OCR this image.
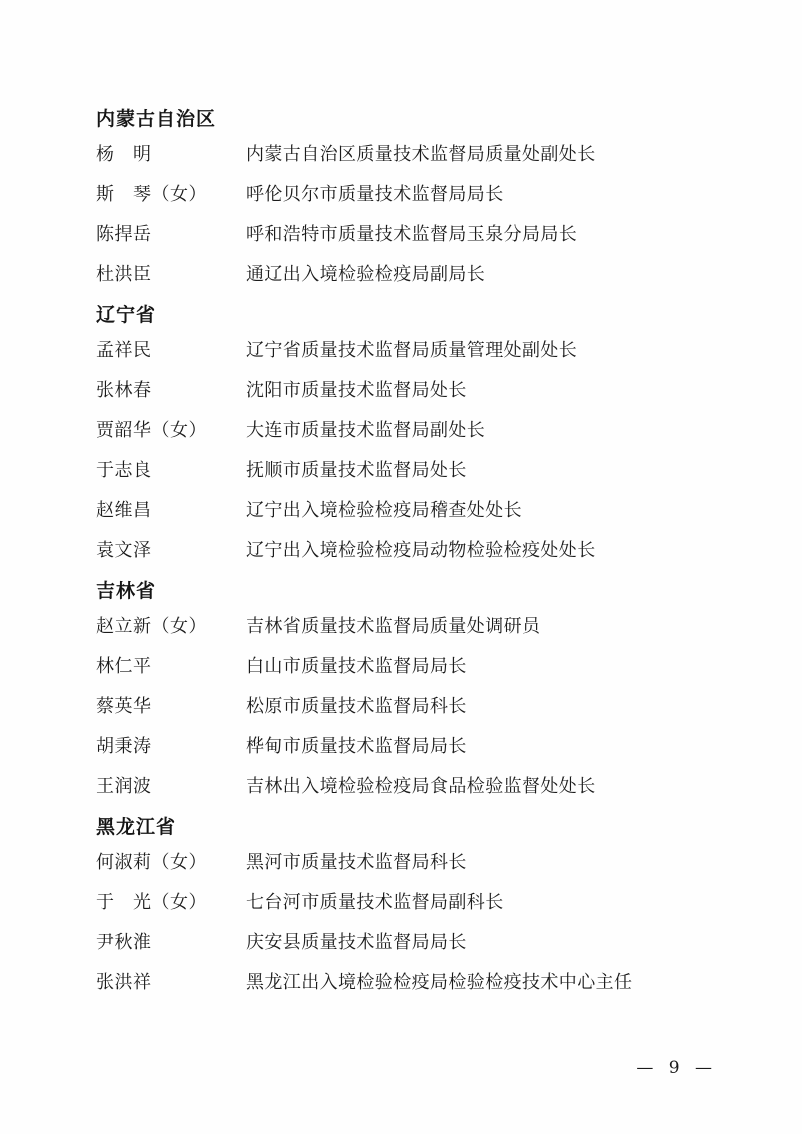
内蒙古自治区
杨　明	内蒙古自治区质量技术监督局质量处副处长
斯　琴（女）	呼伦贝尔市质量技术监督局局长
陈捍岳	呼和浩特市质量技术监督局玉泉分局局长
杜洪臣	通辽出入境检验检疫局副局长
辽宁省
孟祥民	辽宁省质量技术监督局质量管理处副处长
张林春	沈阳市质量技术监督局处长
贾韶华（女）	大连市质量技术监督局副处长
于志良	抚顺市质量技术监督局处长
赵维昌	辽宁出入境检验检疫局稽查处处长
袁文泽	辽宁出入境检验检疫局动物检验检疫处处长
吉林省
赵立新（女）	吉林省质量技术监督局质量处调研员
林仁平	白山市质量技术监督局局长
蔡英华	松原市质量技术监督局科长
胡秉涛	桦甸市质量技术监督局局长
王润波	吉林出入境检验检疫局食品检验监督处处长
黑龙江省
何淑莉（女）	黑河市质量技术监督局科长
于　光（女）	七台河市质量技术监督局副科长
尹秋淮	庆安县质量技术监督局局长
张洪祥	黑龙江出入境检验检疫局检验检疫技术中心主任
— 9 —
